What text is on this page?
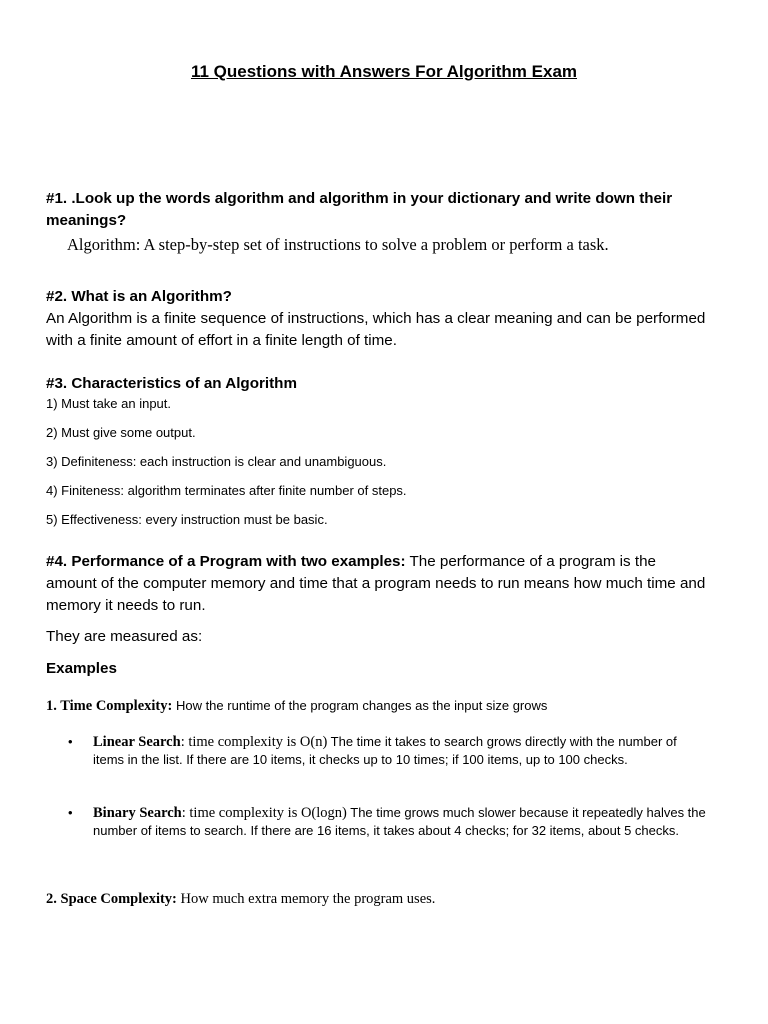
11 Questions with Answers For Algorithm Exam
#1. .Look up the words algorithm and algorithm in your dictionary and write down their meanings?
Algorithm: A step-by-step set of instructions to solve a problem or perform a task.
#2. What is an Algorithm?
An Algorithm is a finite sequence of instructions, which has a clear meaning and can be performed with a finite amount of effort in a finite length of time.
#3. Characteristics of an Algorithm
1) Must take an input.
2) Must give some output.
3) Definiteness: each instruction is clear and unambiguous.
4) Finiteness: algorithm terminates after finite number of steps.
5) Effectiveness: every instruction must be basic.
#4. Performance of a Program with two examples: The performance of a program is the amount of the computer memory and time that a program needs to run means how much time and memory it needs to run.
They are measured as:
Examples
1. Time Complexity: How the runtime of the program changes as the input size grows
• Linear Search: time complexity is O(n) The time it takes to search grows directly with the number of items in the list. If there are 10 items, it checks up to 10 times; if 100 items, up to 100 checks.
• Binary Search: time complexity is O(logn) The time grows much slower because it repeatedly halves the number of items to search. If there are 16 items, it takes about 4 checks; for 32 items, about 5 checks.
2. Space Complexity: How much extra memory the program uses.
